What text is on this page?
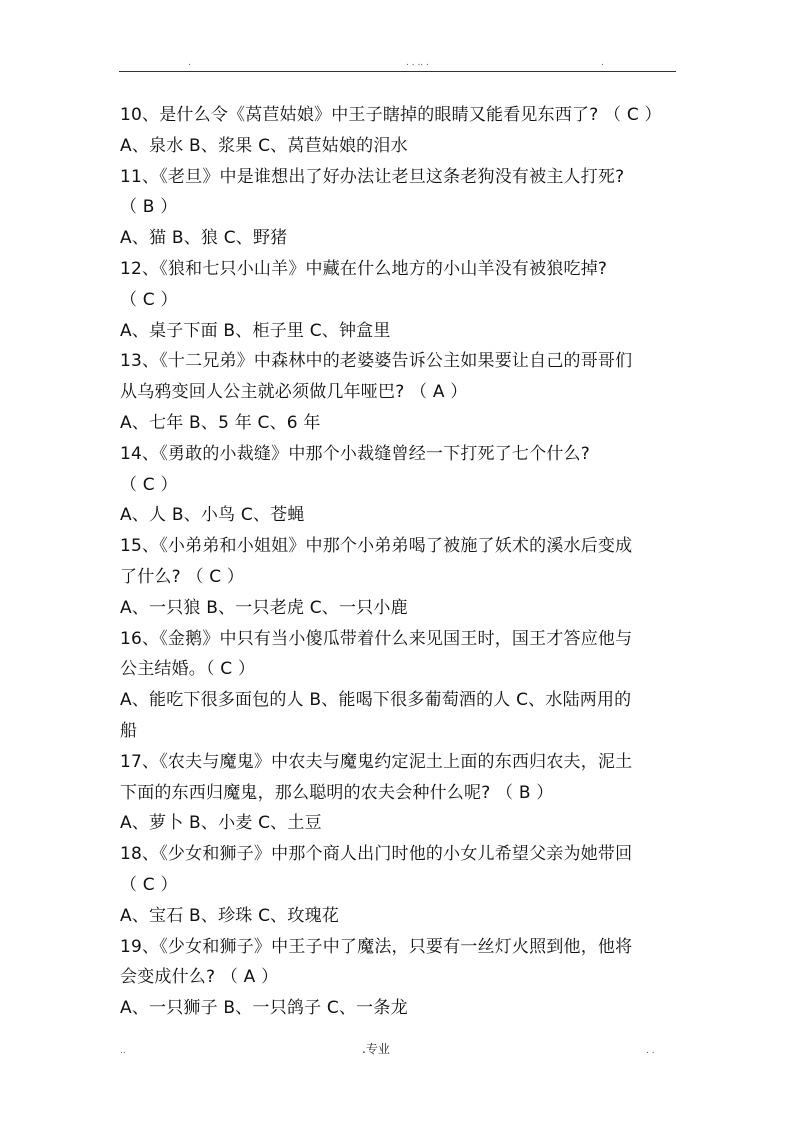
.	. . .. .	.
10、是什么令《莴苣姑娘》中王子瞎掉的眼睛又能看见东西了? （ C ）
A、泉水 B、浆果 C、莴苣姑娘的泪水
11、《老旦》中是谁想出了好办法让老旦这条老狗没有被主人打死?
（ B ）
A、猫 B、狼 C、野猪
12、《狼和七只小山羊》中藏在什么地方的小山羊没有被狼吃掉?
（ C ）
A、桌子下面 B、柜子里 C、钟盒里
13、《十二兄弟》中森林中的老婆婆告诉公主如果要让自己的哥哥们
从乌鸦变回人公主就必须做几年哑巴? （ A ）
A、七年 B、5 年 C、6 年
14、《勇敢的小裁缝》中那个小裁缝曾经一下打死了七个什么?
（ C ）
A、人 B、小鸟 C、苍蝇
15、《小弟弟和小姐姐》中那个小弟弟喝了被施了妖术的溪水后变成
了什么? （ C ）
A、一只狼 B、一只老虎 C、一只小鹿
16、《金鹅》中只有当小傻瓜带着什么来见国王时，国王才答应他与
公主结婚。（ C ）
A、能吃下很多面包的人 B、能喝下很多葡萄酒的人 C、水陆两用的
船
17、《农夫与魔鬼》中农夫与魔鬼约定泥土上面的东西归农夫，泥土
下面的东西归魔鬼，那么聪明的农夫会种什么呢? （ B ）
A、萝卜 B、小麦 C、土豆
18、《少女和狮子》中那个商人出门时他的小女儿希望父亲为她带回
（ C ）
A、宝石 B、珍珠 C、玫瑰花
19、《少女和狮子》中王子中了魔法，只要有一丝灯火照到他，他将
会变成什么? （ A ）
A、一只狮子 B、一只鸽子 C、一条龙
..	.专业	. .
